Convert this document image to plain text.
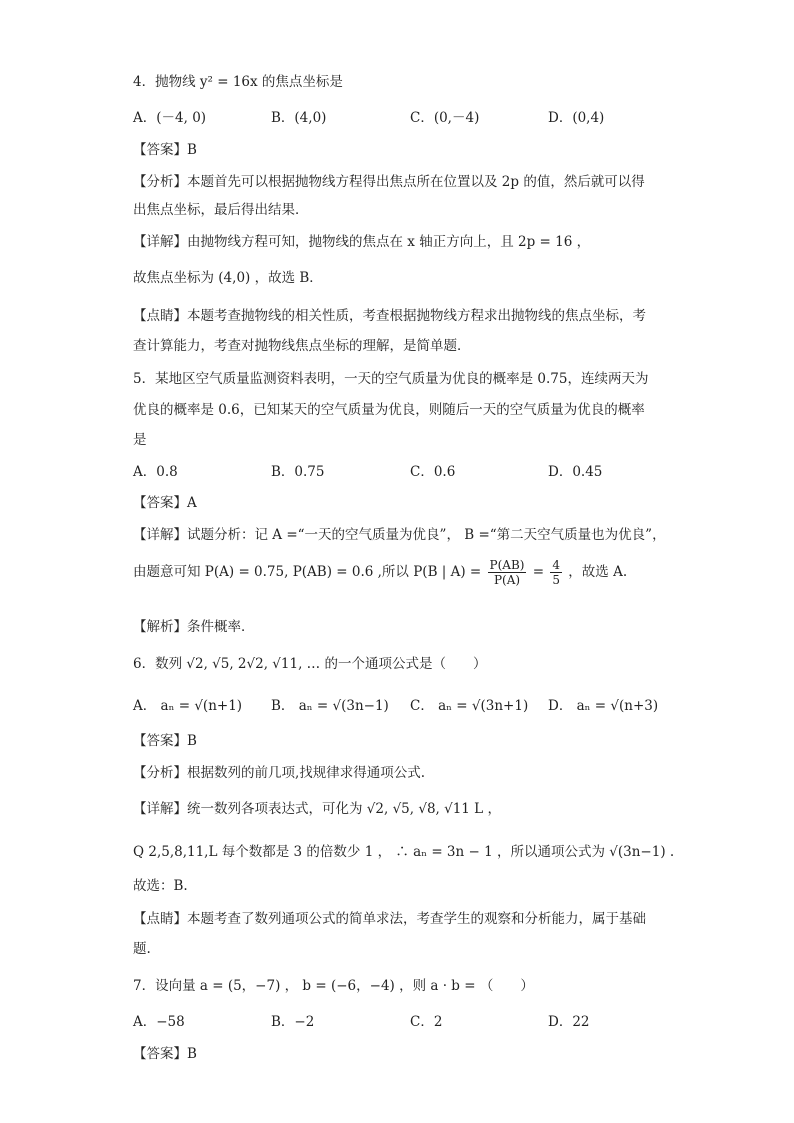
4．抛物线 y² = 16x 的焦点坐标是
A．(－4, 0)	B．(4,0)	C．(0,－4)	D．(0,4)
【答案】B
【分析】本题首先可以根据抛物线方程得出焦点所在位置以及 2p 的值，然后就可以得
出焦点坐标，最后得出结果．
【详解】由抛物线方程可知，抛物线的焦点在 x 轴正方向上，且 2p = 16 ，
故焦点坐标为 (4,0) ，故选 B．
【点睛】本题考查抛物线的相关性质，考查根据抛物线方程求出抛物线的焦点坐标，考
查计算能力，考查对抛物线焦点坐标的理解，是简单题．
5．某地区空气质量监测资料表明，一天的空气质量为优良的概率是 0.75，连续两天为
优良的概率是 0.6，已知某天的空气质量为优良，则随后一天的空气质量为优良的概率
是
A．0.8	B．0.75	C．0.6	D．0.45
【答案】A
【详解】试题分析：记 A =“一天的空气质量为优良”， B =“第二天空气质量也为优良”，
由题意可知 P(A) = 0.75, P(AB) = 0.6 ,所以 P(B | $A) = \frac{P(AB)}{P(A)} = \frac{4}{5}$ ，故选 A.
【解析】条件概率．
6．数列 √2, √5, 2√2, √11, … 的一个通项公式是（　　）
A． aₙ = √(n+1) B． aₙ = √(3n−1) C． aₙ = √(3n+1) D． aₙ = √(n+3)
【答案】B
【分析】根据数列的前几项,找规律求得通项公式.
【详解】统一数列各项表达式，可化为 √2, √5, √8, √11 L ，
Q 2,5,8,11,L 每个数都是 3 的倍数少 1 ， ∴ aₙ = 3n − 1 ，所以通项公式为 √(3n−1) .
故选：B.
【点睛】本题考查了数列通项公式的简单求法，考查学生的观察和分析能力，属于基础
题.
7．设向量 a = (5，−7) ， b = (−6，−4) ，则 a · b = （　　）
A．−58	B．−2	C．2	D．22
【答案】B
